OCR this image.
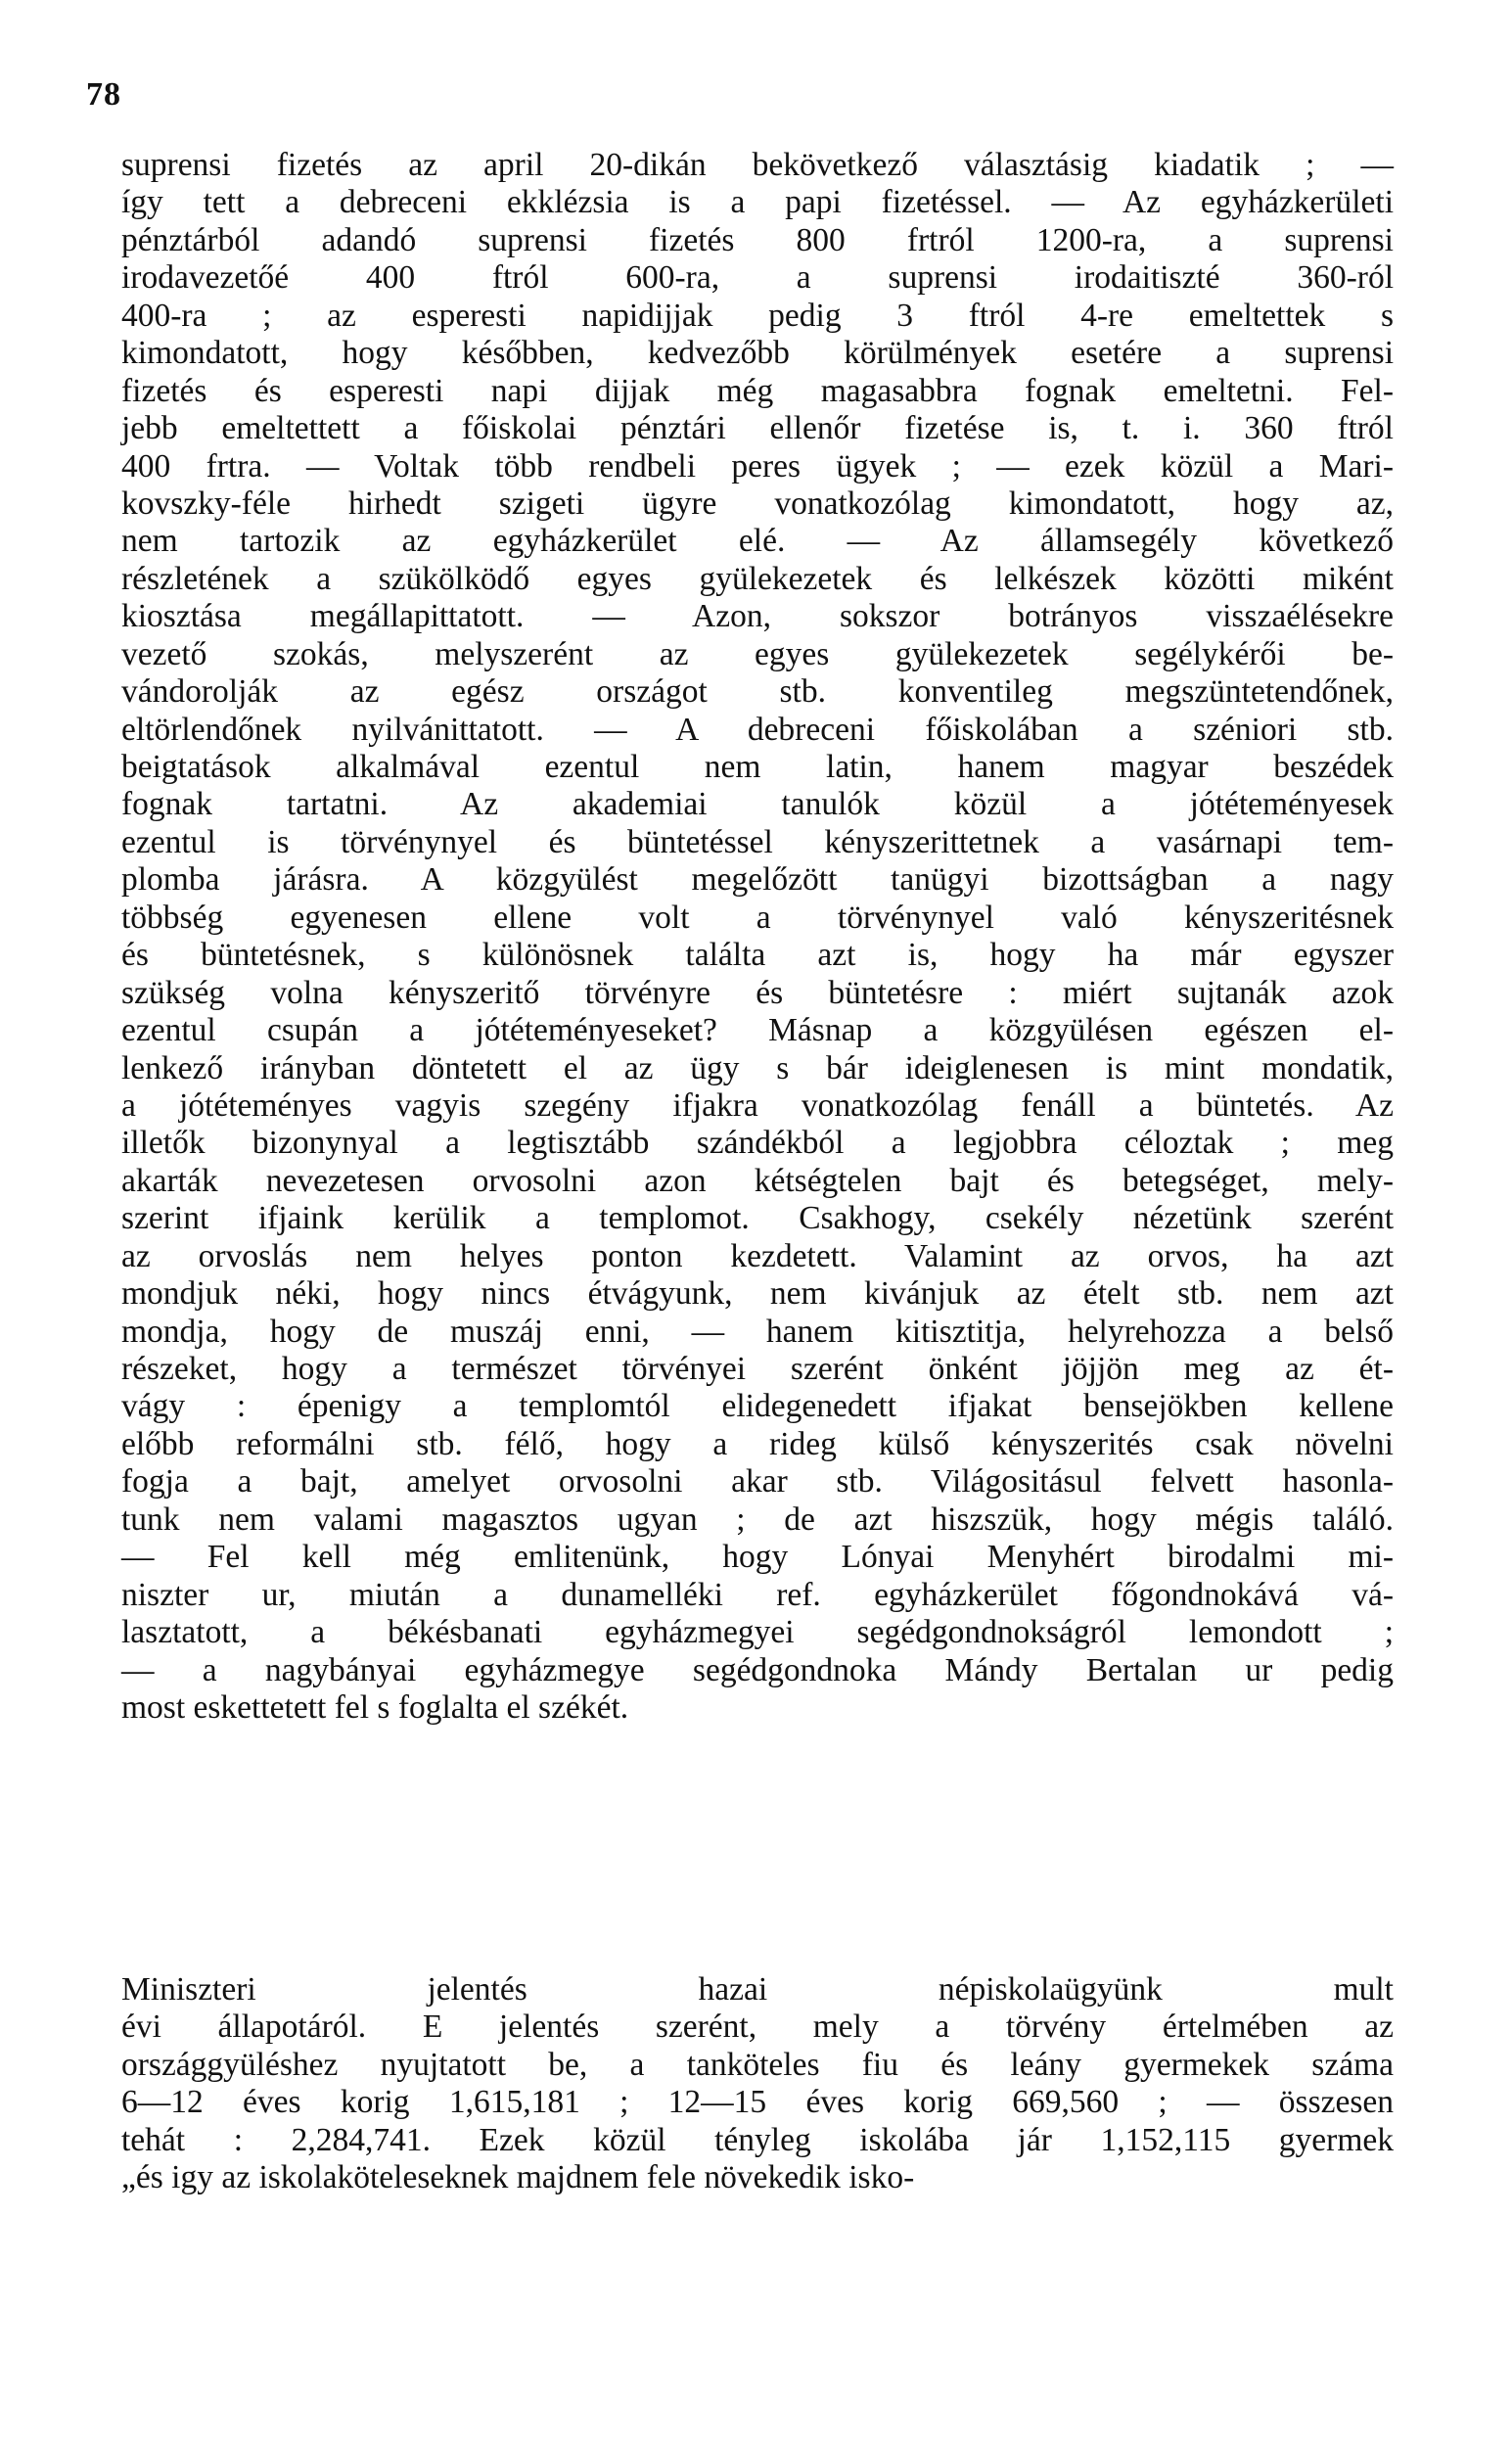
78
suprensi fizetés az april 20-dikán bekövetkező választásig kiadatik ; —
így tett a debreceni ekklézsia is a papi fizetéssel. — Az egyházkerületi
pénztárból adandó suprensi fizetés 800 frtról 1200-ra, a suprensi
irodavezetőé 400 ftról 600-ra, a suprensi irodaitiszté 360-ról
400-ra ; az esperesti napidijjak pedig 3 ftról 4-re emeltettek s
kimondatott, hogy későbben, kedvezőbb körülmények esetére a suprensi
fizetés és esperesti napi dijjak még magasabbra fognak emeltetni. Fel-
jebb emeltettett a főiskolai pénztári ellenőr fizetése is, t. i. 360 ftról
400 frtra. — Voltak több rendbeli peres ügyek ; — ezek közül a Mari-
kovszky-féle hirhedt szigeti ügyre vonatkozólag kimondatott, hogy az,
nem tartozik az egyházkerület elé. — Az államsegély következő
részletének a szükölködő egyes gyülekezetek és lelkészek közötti miként
kiosztása megállapittatott. — Azon, sokszor botrányos visszaélésekre
vezető szokás, melyszerént az egyes gyülekezetek segélykérői be-
vándorolják az egész országot stb. konventileg megszüntetendőnek,
eltörlendőnek nyilvánittatott. — A debreceni főiskolában a széniori stb.
beigtatások alkalmával ezentul nem latin, hanem magyar beszédek
fognak tartatni. Az akademiai tanulók közül a jótéteményesek
ezentul is törvénynyel és büntetéssel kényszerittetnek a vasárnapi tem-
plomba járásra. A közgyülést megelőzött tanügyi bizottságban a nagy
többség egyenesen ellene volt a törvénynyel való kényszeritésnek
és büntetésnek, s különösnek találta azt is, hogy ha már egyszer
szükség volna kényszeritő törvényre és büntetésre : miért sujtanák azok
ezentul csupán a jótéteményeseket? Másnap a közgyülésen egészen el-
lenkező irányban döntetett el az ügy s bár ideiglenesen is mint mondatik,
a jótéteményes vagyis szegény ifjakra vonatkozólag fenáll a büntetés. Az
illetők bizonynyal a legtisztább szándékból a legjobbra céloztak ; meg
akarták nevezetesen orvosolni azon kétségtelen bajt és betegséget, mely-
szerint ifjaink kerülik a templomot. Csakhogy, csekély nézetünk szerént
az orvoslás nem helyes ponton kezdetett. Valamint az orvos, ha azt
mondjuk néki, hogy nincs étvágyunk, nem kivánjuk az ételt stb. nem azt
mondja, hogy de muszáj enni, — hanem kitisztitja, helyrehozza a belső
részeket, hogy a természet törvényei szerént önként jöjjön meg az ét-
vágy : épenigy a templomtól elidegenedett ifjakat bensejökben kellene
előbb reformálni stb. félő, hogy a rideg külső kényszerités csak növelni
fogja a bajt, amelyet orvosolni akar stb. Világositásul felvett hasonla-
tunk nem valami magasztos ugyan ; de azt hiszszük, hogy mégis találó.
— Fel kell még emlitenünk, hogy Lónyai Menyhért birodalmi mi-
niszter ur, miután a dunamelléki ref. egyházkerület főgondnokává vá-
lasztatott, a békésbanati egyházmegyei segédgondnokságról lemondott ;
— a nagybányai egyházmegye segédgondnoka Mándy Bertalan ur pedig
most eskettetett fel s foglalta el székét.
Miniszteri jelentés hazai népiskolaügyünk mult
évi állapotáról. E jelentés szerént, mely a törvény értelmében az
országgyüléshez nyujtatott be, a tanköteles fiu és leány gyermekek száma
6—12 éves korig 1,615,181 ; 12—15 éves korig 669,560 ; — összesen
tehát : 2,284,741. Ezek közül tényleg iskolába jár 1,152,115 gyermek
„és igy az iskolaköteleseknek majdnem fele növekedik isko-
